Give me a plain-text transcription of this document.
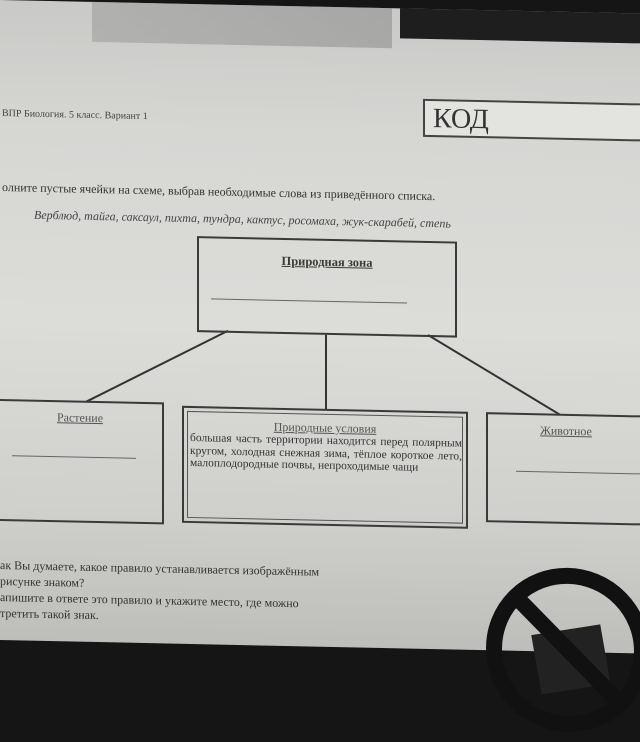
ВПР Биология. 5 класс. Вариант 1	КОД
олните пустые ячейки на схеме, выбрав необходимые слова из приведённого списка.
Верблюд, тайга, саксаул, пихта, тундра, кактус, росомаха, жук-скарабей, степь
Природная зона
Растение
Природные условия
большая часть территории находится перед полярным кругом, холодная снежная зима, тёплое короткое лето, малоплодородные почвы, непроходимые чащи
Животное
ак Вы думаете, какое правило устанавливается изображённым
рисунке знаком?
апишите в ответе это правило и укажите место, где можно
третить такой знак.
